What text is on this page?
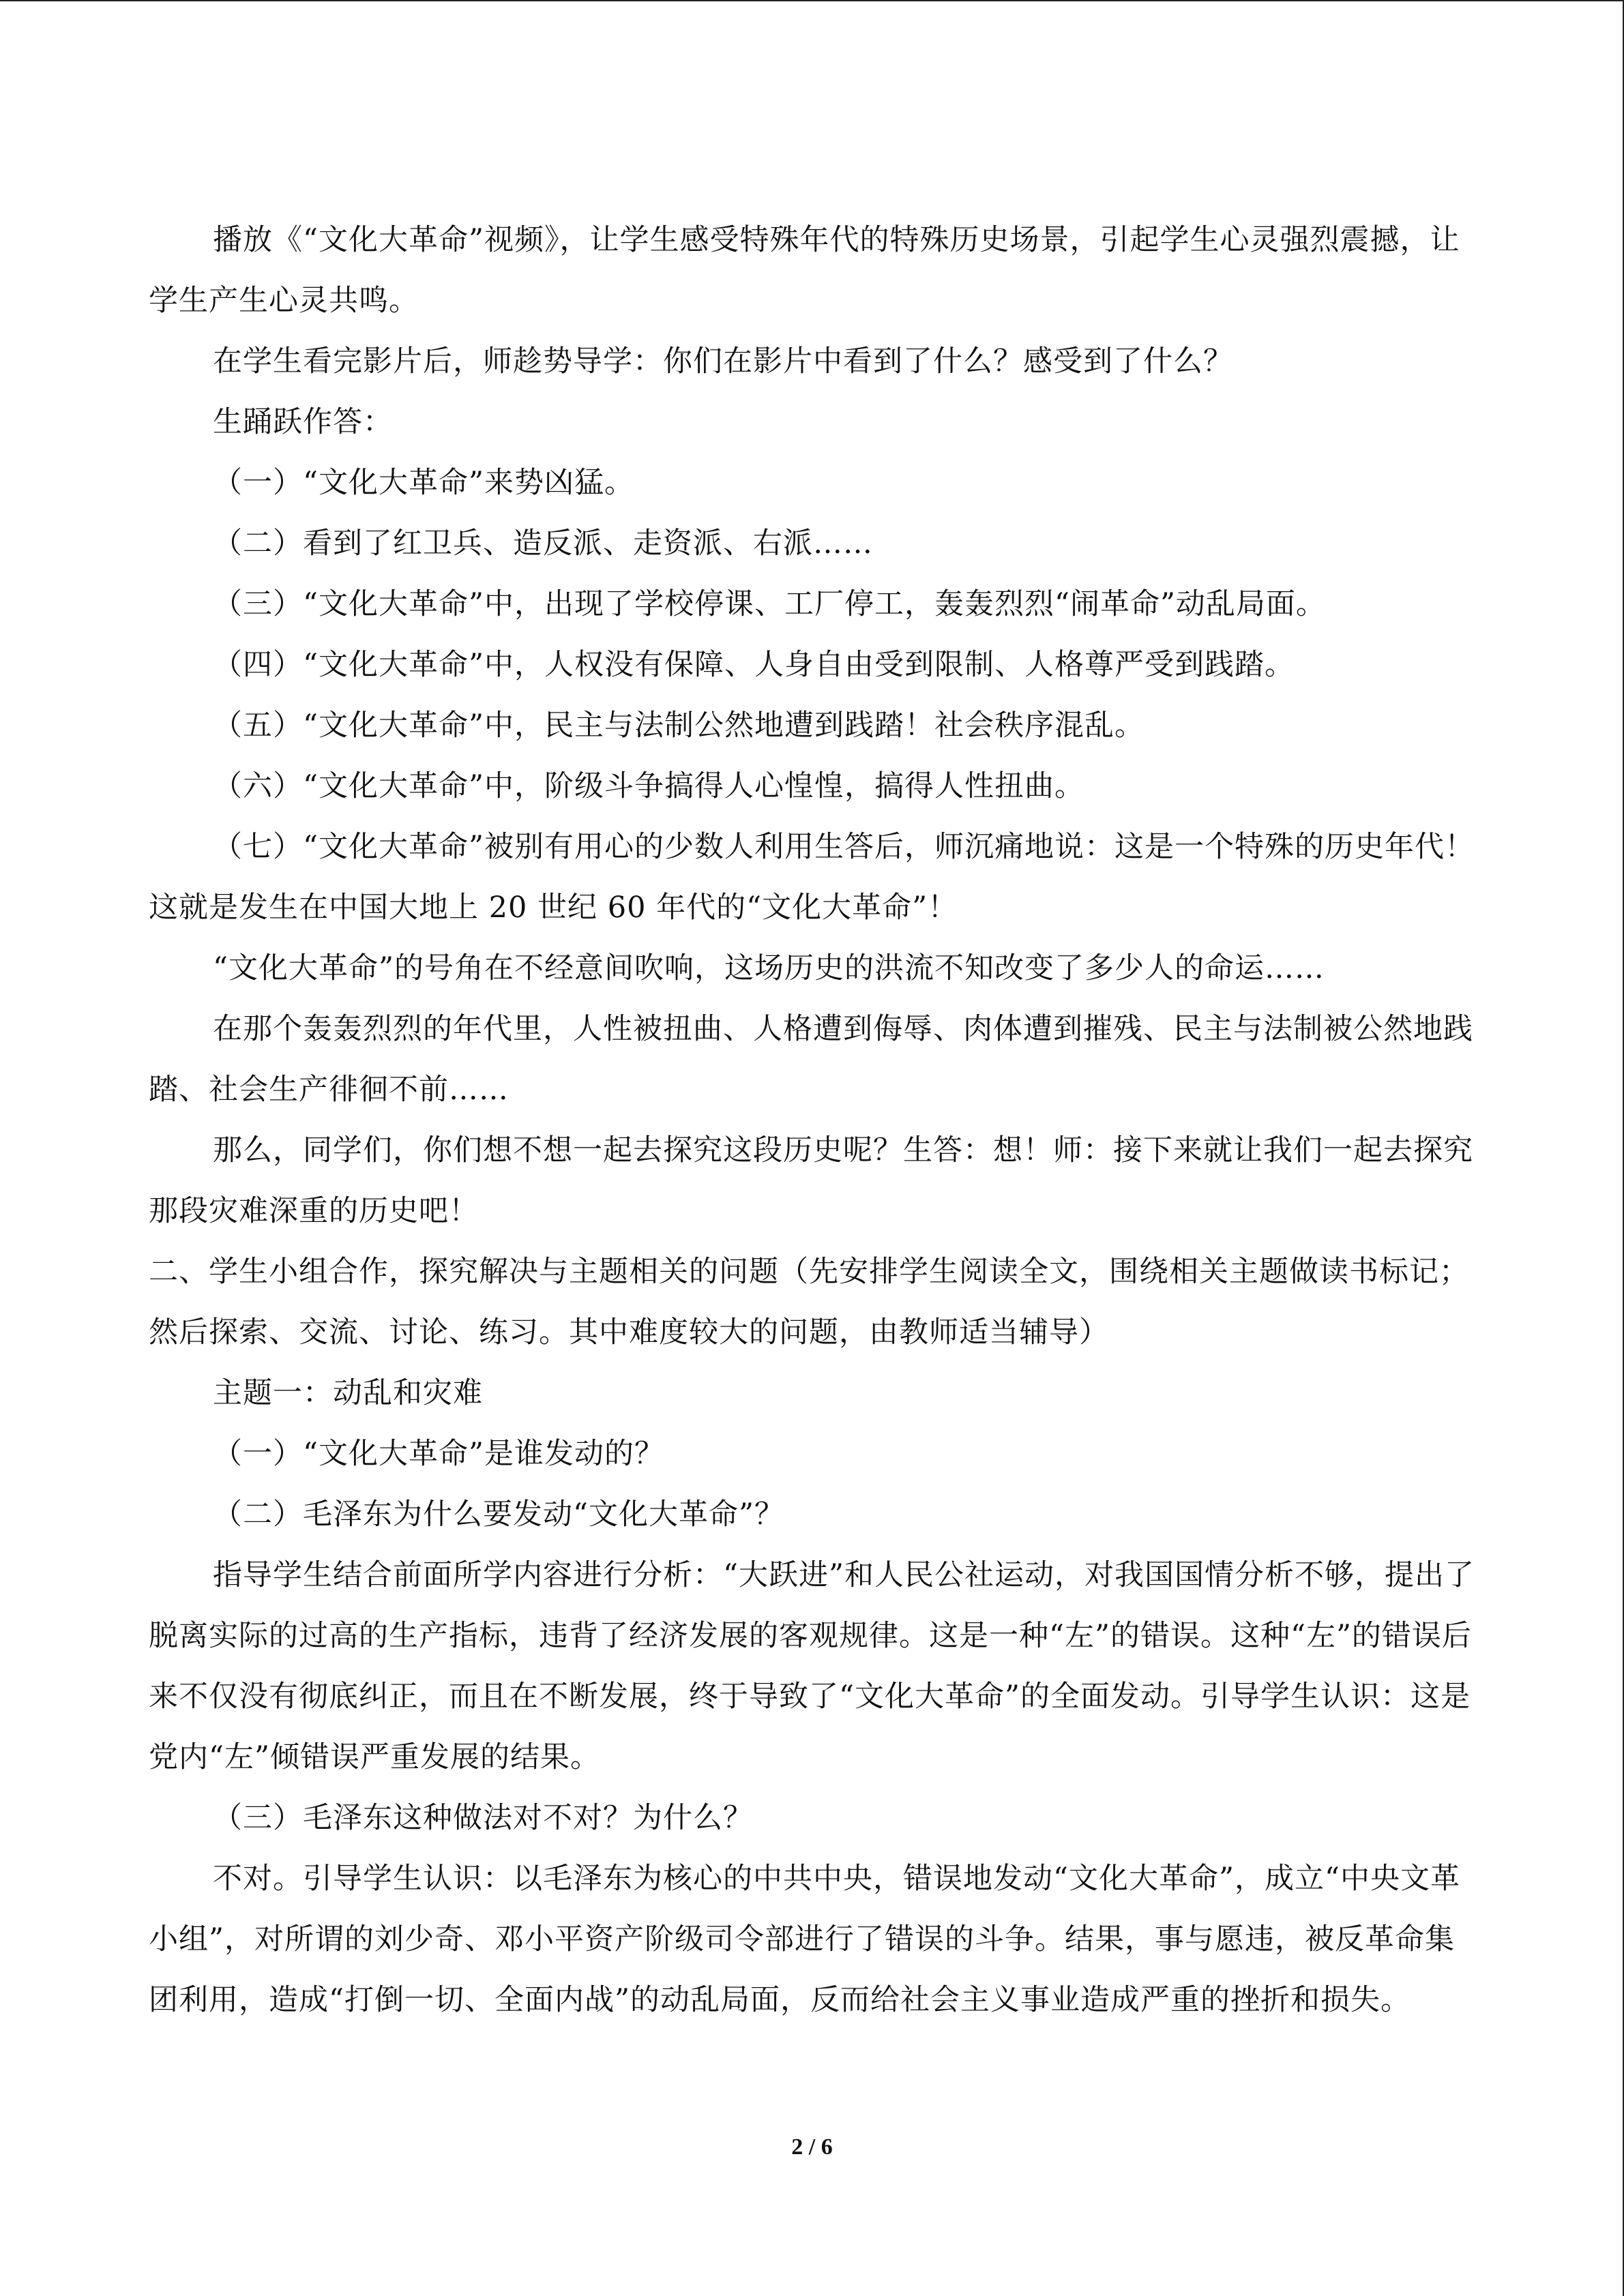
播放《“文化大革命”视频》，让学生感受特殊年代的特殊历史场景，引起学生心灵强烈震撼，让学生产生心灵共鸣。

在学生看完影片后，师趁势导学：你们在影片中看到了什么？感受到了什么？

生踊跃作答：

（一）“文化大革命”来势凶猛。

（二）看到了红卫兵、造反派、走资派、右派……

（三）“文化大革命”中，出现了学校停课、工厂停工，轰轰烈烈“闹革命”动乱局面。

（四）“文化大革命”中，人权没有保障、人身自由受到限制、人格尊严受到践踏。

（五）“文化大革命”中，民主与法制公然地遭到践踏！社会秩序混乱。

（六）“文化大革命”中，阶级斗争搞得人心惶惶，搞得人性扭曲。

（七）“文化大革命”被别有用心的少数人利用生答后，师沉痛地说：这是一个特殊的历史年代！这就是发生在中国大地上 20 世纪 60 年代的“文化大革命”！

“文化大革命”的号角在不经意间吹响，这场历史的洪流不知改变了多少人的命运……

在那个轰轰烈烈的年代里，人性被扭曲、人格遭到侮辱、肉体遭到摧残、民主与法制被公然地践踏、社会生产徘徊不前……

那么，同学们，你们想不想一起去探究这段历史呢？生答：想！师：接下来就让我们一起去探究那段灾难深重的历史吧！

二、学生小组合作，探究解决与主题相关的问题（先安排学生阅读全文，围绕相关主题做读书标记；然后探索、交流、讨论、练习。其中难度较大的问题，由教师适当辅导）

主题一：动乱和灾难

（一）“文化大革命”是谁发动的？

（二）毛泽东为什么要发动“文化大革命”？

指导学生结合前面所学内容进行分析：“大跃进”和人民公社运动，对我国国情分析不够，提出了脱离实际的过高的生产指标，违背了经济发展的客观规律。这是一种“左”的错误。这种“左”的错误后来不仅没有彻底纠正，而且在不断发展，终于导致了“文化大革命”的全面发动。引导学生认识：这是党内“左”倾错误严重发展的结果。

（三）毛泽东这种做法对不对？为什么？

不对。引导学生认识：以毛泽东为核心的中共中央，错误地发动“文化大革命”，成立“中央文革小组”，对所谓的刘少奇、邓小平资产阶级司令部进行了错误的斗争。结果，事与愿违，被反革命集团利用，造成“打倒一切、全面内战”的动乱局面，反而给社会主义事业造成严重的挫折和损失。

2 / 6
